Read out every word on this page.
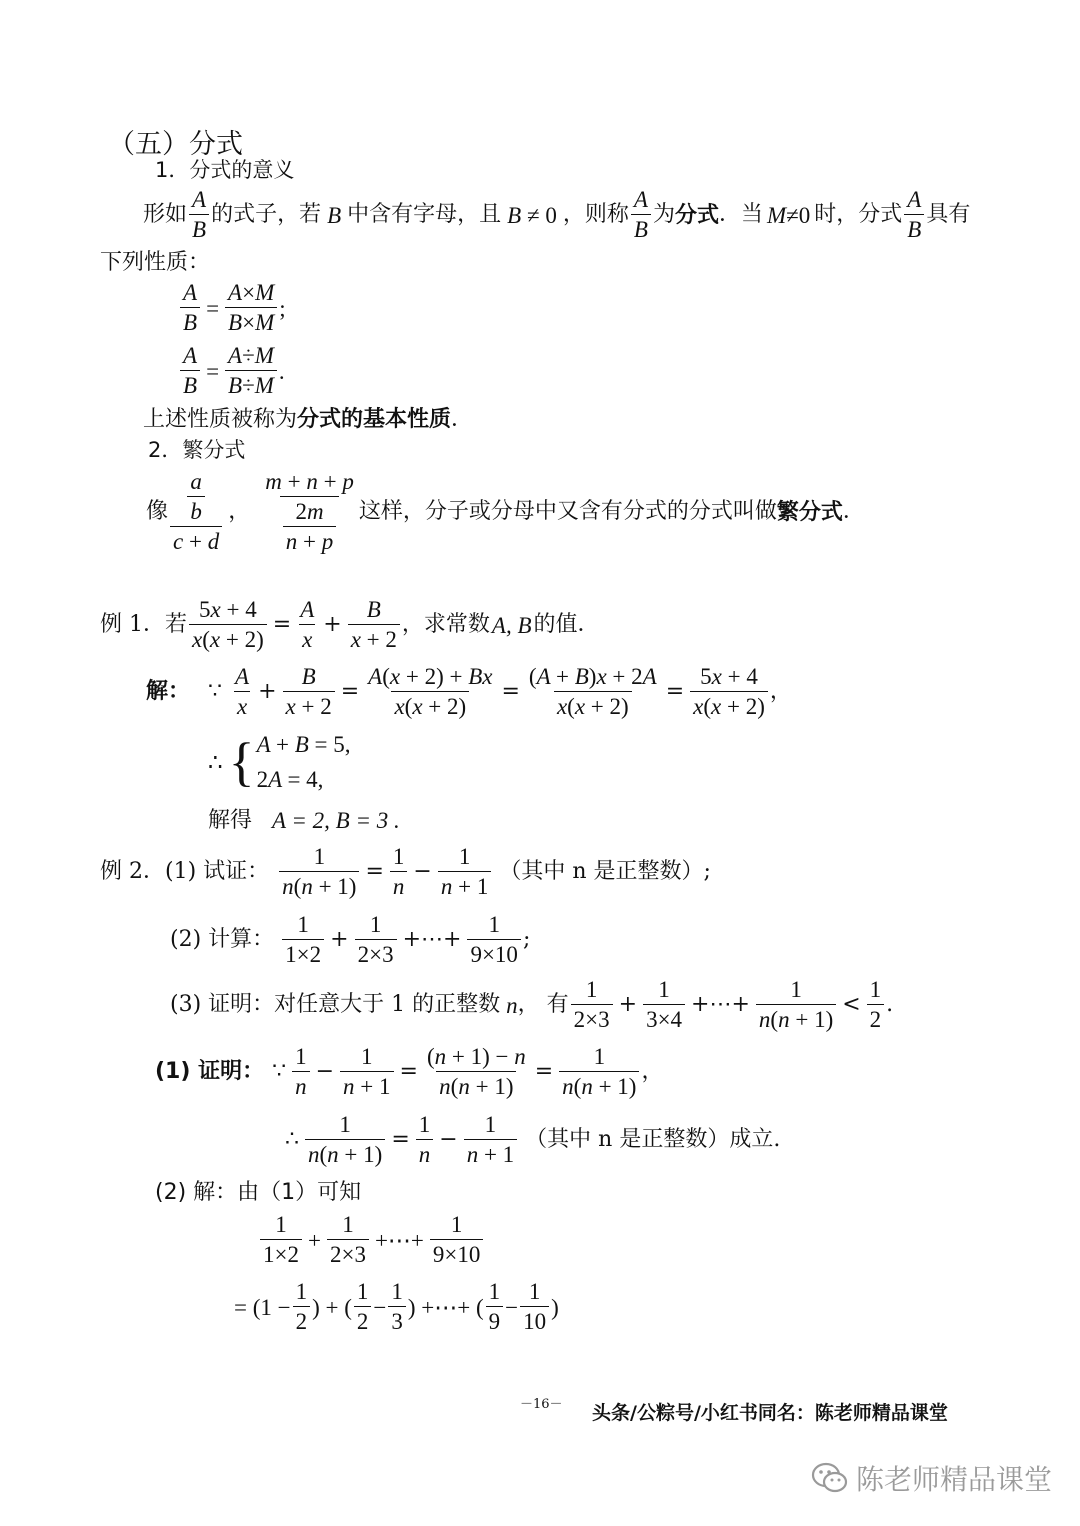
（五）分式
1．分式的意义
形如
A
B
的式子，若 B 中含有字母，且 B ≠ 0 ，则称
A
B
为 分式 ．当 M≠0 时，分式
A
B
具有
下列性质：
$\frac{A}{B} = \frac{A\times M}{B\times M}$ ;
$\frac{A}{B} = \frac{A\div M}{B\div M}$ .
上述性质被称为分式的基本性质．
2．繁分式
像 $\frac{a}{b}$
c + d
，
m + n + p
$\frac{2m}{n + p}$ 这样，分子或分母中又含有分式的分式叫做 繁分式 ．
例 1．若 $\frac{5x + 4}{x(x + 2)} = \frac{A}{x} + \frac{B}{x + 2}$ ，求常数 A, B 的值．
解： ∵
A
x
+ $\frac{B}{x + 2} = \frac{A(x + 2) + Bx}{x(x + 2)} = \frac{(A + B)x + 2A}{x(x + 2)} = \frac{5x + 4}{x(x + 2)}$ ，
∴ { A + B = 5,
2A = 4,
解得 A = 2, B = 3 .
例 2．(1) 试证： $\frac{1}{n(n + 1)} = \frac{1}{n} - \frac{1}{n + 1}$ （其中 n 是正整数）;
(2) 计算：
1
1×2
+ $\frac{1}{2\times 3}$ +⋯+ $\frac{1}{9\times 10}$ ;
(3) 证明：对任意大于 1 的正整数 n ， 有
1
2×3
+ $\frac{1}{3\times 4}$ +⋯+ $\frac{1}{n(n + 1)}$ <
1
2
.
(1) 证明： ∵
1
n
− $\frac{1}{n + 1} = \frac{(n + 1) - n}{n(n + 1)} = \frac{1}{n(n + 1)}$ ，
∴ $\frac{1}{n(n + 1)} = \frac{1}{n} - \frac{1}{n + 1}$ （其中 n 是正整数）成立.
(2) 解：由（1）可知
1
1×2
+ $\frac{1}{2\times 3}$ +⋯+ $\frac{1}{9\times 10}$
= ($1 - \frac{1}{2}$ ) + (
1
2
− $\frac{1}{3}$ ) +⋯+ (
1
9
− $\frac{1}{10}$ )
－16－ 头条/公粽号/小红书同名：陈老师精品课堂
陈老师精品课堂
